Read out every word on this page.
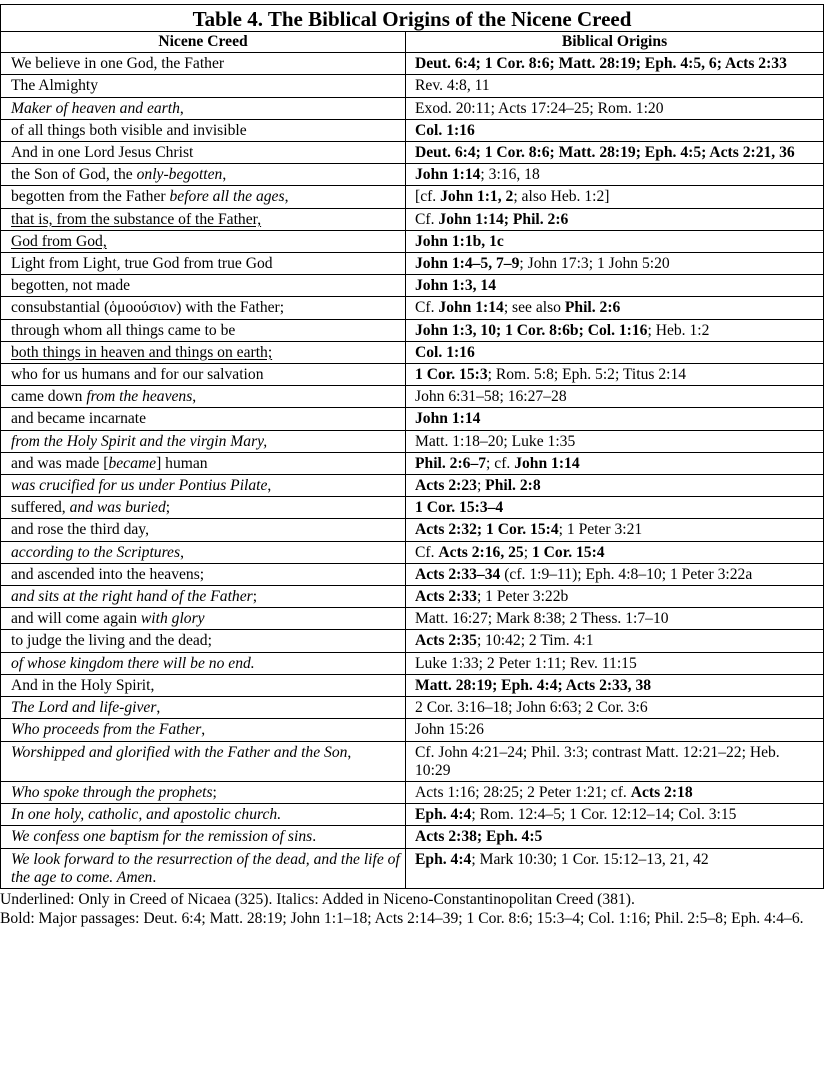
Table 4. The Biblical Origins of the Nicene Creed	
Nicene Creed	Biblical Origins
We believe in one God, the Father	Deut. 6:4; 1 Cor. 8:6; Matt. 28:19; Eph. 4:5, 6; Acts 2:33
The Almighty	Rev. 4:8, 11
Maker of heaven and earth,	Exod. 20:11; Acts 17:24–25; Rom. 1:20
of all things both visible and invisible	Col. 1:16
And in one Lord Jesus Christ	Deut. 6:4; 1 Cor. 8:6; Matt. 28:19; Eph. 4:5; Acts 2:21, 36
the Son of God, the only-begotten,	John 1:14; 3:16, 18
begotten from the Father before all the ages,	[cf. John 1:1, 2; also Heb. 1:2]
that is, from the substance of the Father,	Cf. John 1:14; Phil. 2:6
God from God,	John 1:1b, 1c
Light from Light, true God from true God	John 1:4–5, 7–9; John 17:3; 1 John 5:20
begotten, not made	John 1:3, 14
consubstantial (ὁμοούσιον) with the Father;	Cf. John 1:14; see also Phil. 2:6
through whom all things came to be	John 1:3, 10; 1 Cor. 8:6b; Col. 1:16; Heb. 1:2
both things in heaven and things on earth;	Col. 1:16
who for us humans and for our salvation	1 Cor. 15:3; Rom. 5:8; Eph. 5:2; Titus 2:14
came down from the heavens,	John 6:31–58; 16:27–28
and became incarnate	John 1:14
from the Holy Spirit and the virgin Mary,	Matt. 1:18–20; Luke 1:35
and was made [became] human	Phil. 2:6–7; cf. John 1:14
was crucified for us under Pontius Pilate,	Acts 2:23; Phil. 2:8
suffered, and was buried;	1 Cor. 15:3–4
and rose the third day,	Acts 2:32; 1 Cor. 15:4; 1 Peter 3:21
according to the Scriptures,	Cf. Acts 2:16, 25; 1 Cor. 15:4
and ascended into the heavens;	Acts 2:33–34 (cf. 1:9–11); Eph. 4:8–10; 1 Peter 3:22a
and sits at the right hand of the Father;	Acts 2:33; 1 Peter 3:22b
and will come again with glory	Matt. 16:27; Mark 8:38; 2 Thess. 1:7–10
to judge the living and the dead;	Acts 2:35; 10:42; 2 Tim. 4:1
of whose kingdom there will be no end.	Luke 1:33; 2 Peter 1:11; Rev. 11:15
And in the Holy Spirit,	Matt. 28:19; Eph. 4:4; Acts 2:33, 38
The Lord and life-giver,	2 Cor. 3:16–18; John 6:63; 2 Cor. 3:6
Who proceeds from the Father,	John 15:26
Worshipped and glorified with the Father and the Son,	Cf. John 4:21–24; Phil. 3:3; contrast Matt. 12:21–22; Heb. 10:29
Who spoke through the prophets;	Acts 1:16; 28:25; 2 Peter 1:21; cf. Acts 2:18
In one holy, catholic, and apostolic church.	Eph. 4:4; Rom. 12:4–5; 1 Cor. 12:12–14; Col. 3:15
We confess one baptism for the remission of sins.	Acts 2:38; Eph. 4:5
We look forward to the resurrection of the dead, and the life of the age to come. Amen.	Eph. 4:4; Mark 10:30; 1 Cor. 15:12–13, 21, 42

Underlined: Only in Creed of Nicaea (325). Italics: Added in Niceno-Constantinopolitan Creed (381).

Bold: Major passages: Deut. 6:4; Matt. 28:19; John 1:1–18; Acts 2:14–39; 1 Cor. 8:6; 15:3–4; Col. 1:16; Phil. 2:5–8; Eph. 4:4–6.
